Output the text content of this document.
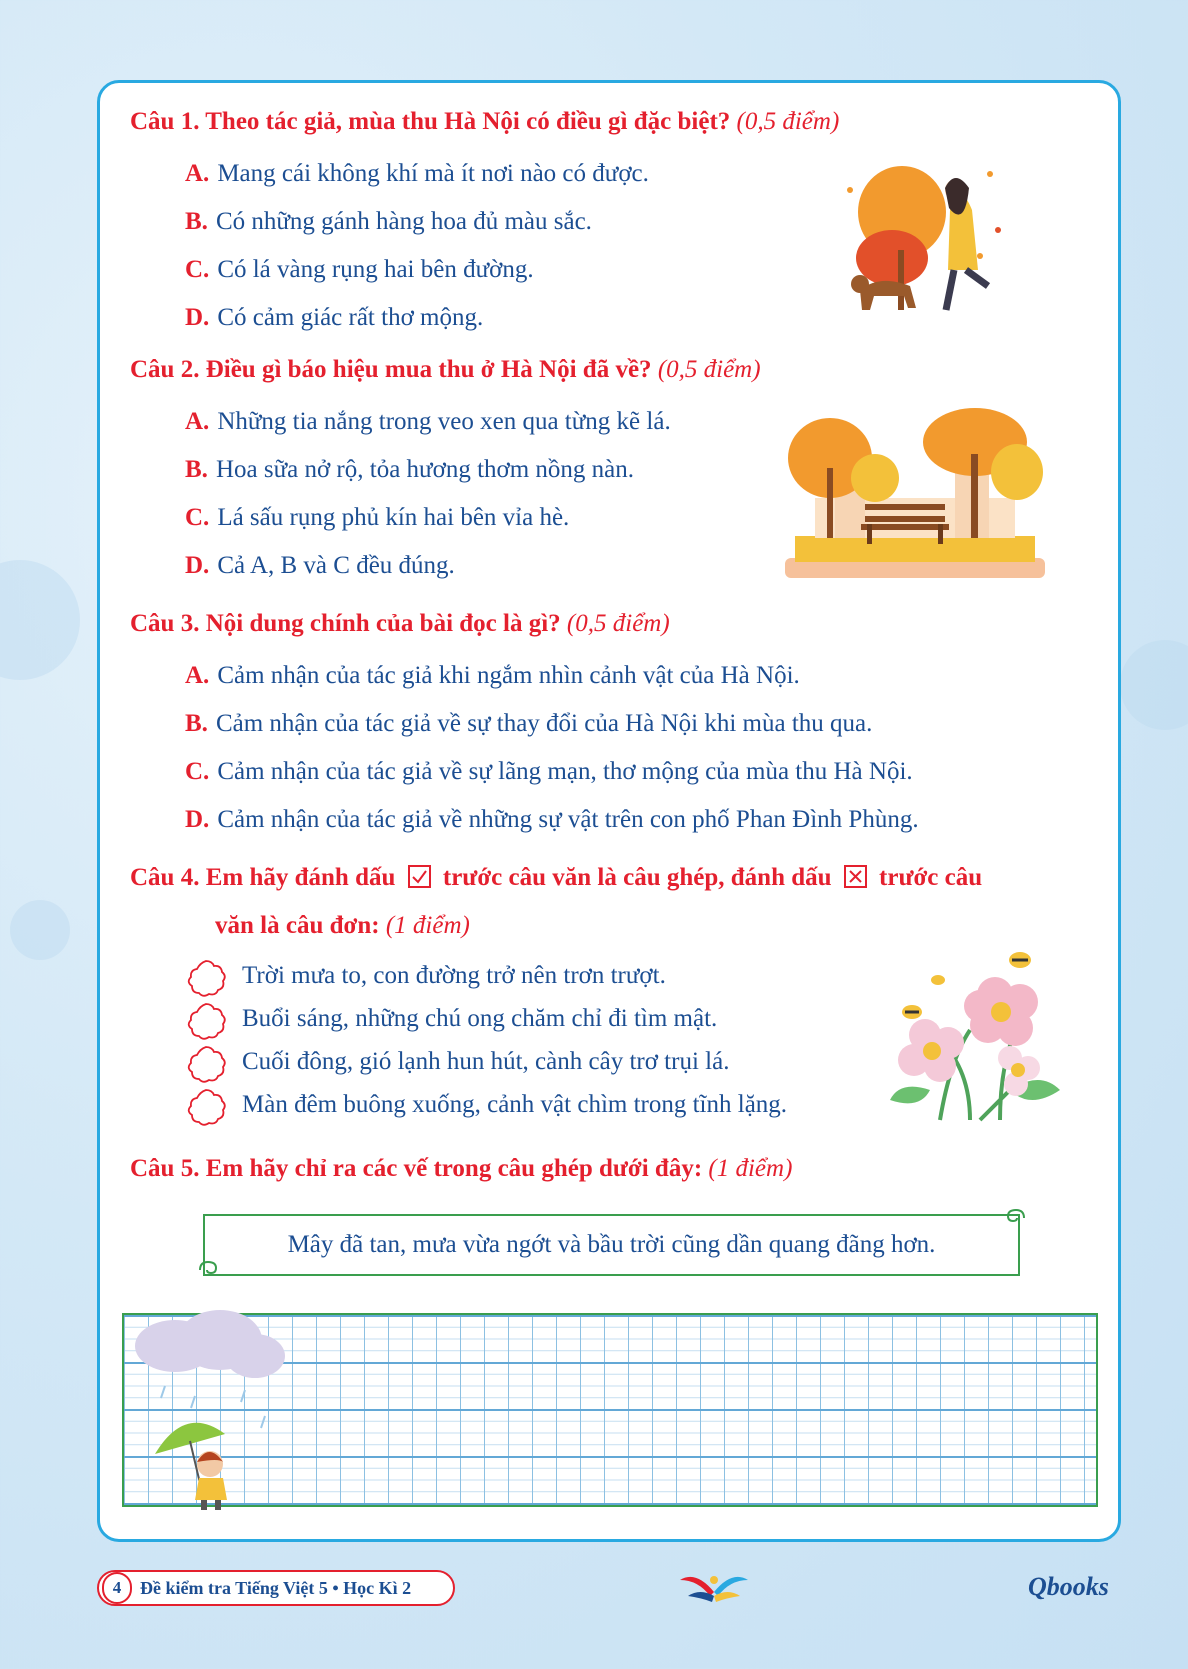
Câu 1. Theo tác giả, mùa thu Hà Nội có điều gì đặc biệt? (0,5 điểm)
A. Mang cái không khí mà ít nơi nào có được.
B. Có những gánh hàng hoa đủ màu sắc.
C. Có lá vàng rụng hai bên đường.
D. Có cảm giác rất thơ mộng.
Câu 2. Điều gì báo hiệu mua thu ở Hà Nội đã về? (0,5 điểm)
A. Những tia nắng trong veo xen qua từng kẽ lá.
B. Hoa sữa nở rộ, tỏa hương thơm nồng nàn.
C. Lá sấu rụng phủ kín hai bên vỉa hè.
D. Cả A, B và C đều đúng.
Câu 3. Nội dung chính của bài đọc là gì? (0,5 điểm)
A. Cảm nhận của tác giả khi ngắm nhìn cảnh vật của Hà Nội.
B. Cảm nhận của tác giả về sự thay đổi của Hà Nội khi mùa thu qua.
C. Cảm nhận của tác giả về sự lãng mạn, thơ mộng của mùa thu Hà Nội.
D. Cảm nhận của tác giả về những sự vật trên con phố Phan Đình Phùng.
Câu 4. Em hãy đánh dấu trước câu văn là câu ghép, đánh dấu ☒ trước câu
văn là câu đơn: (1 điểm)
Trời mưa to, con đường trở nên trơn trượt.
Buổi sáng, những chú ong chăm chỉ đi tìm mật.
Cuối đông, gió lạnh hun hút, cành cây trơ trụi lá.
Màn đêm buông xuống, cảnh vật chìm trong tĩnh lặng.
Câu 5. Em hãy chỉ ra các vế trong câu ghép dưới đây: (1 điểm)
Mây đã tan, mưa vừa ngớt và bầu trời cũng dần quang đãng hơn.
4	Đề kiểm tra Tiếng Việt 5 • Học Kì 2	Qbooks
